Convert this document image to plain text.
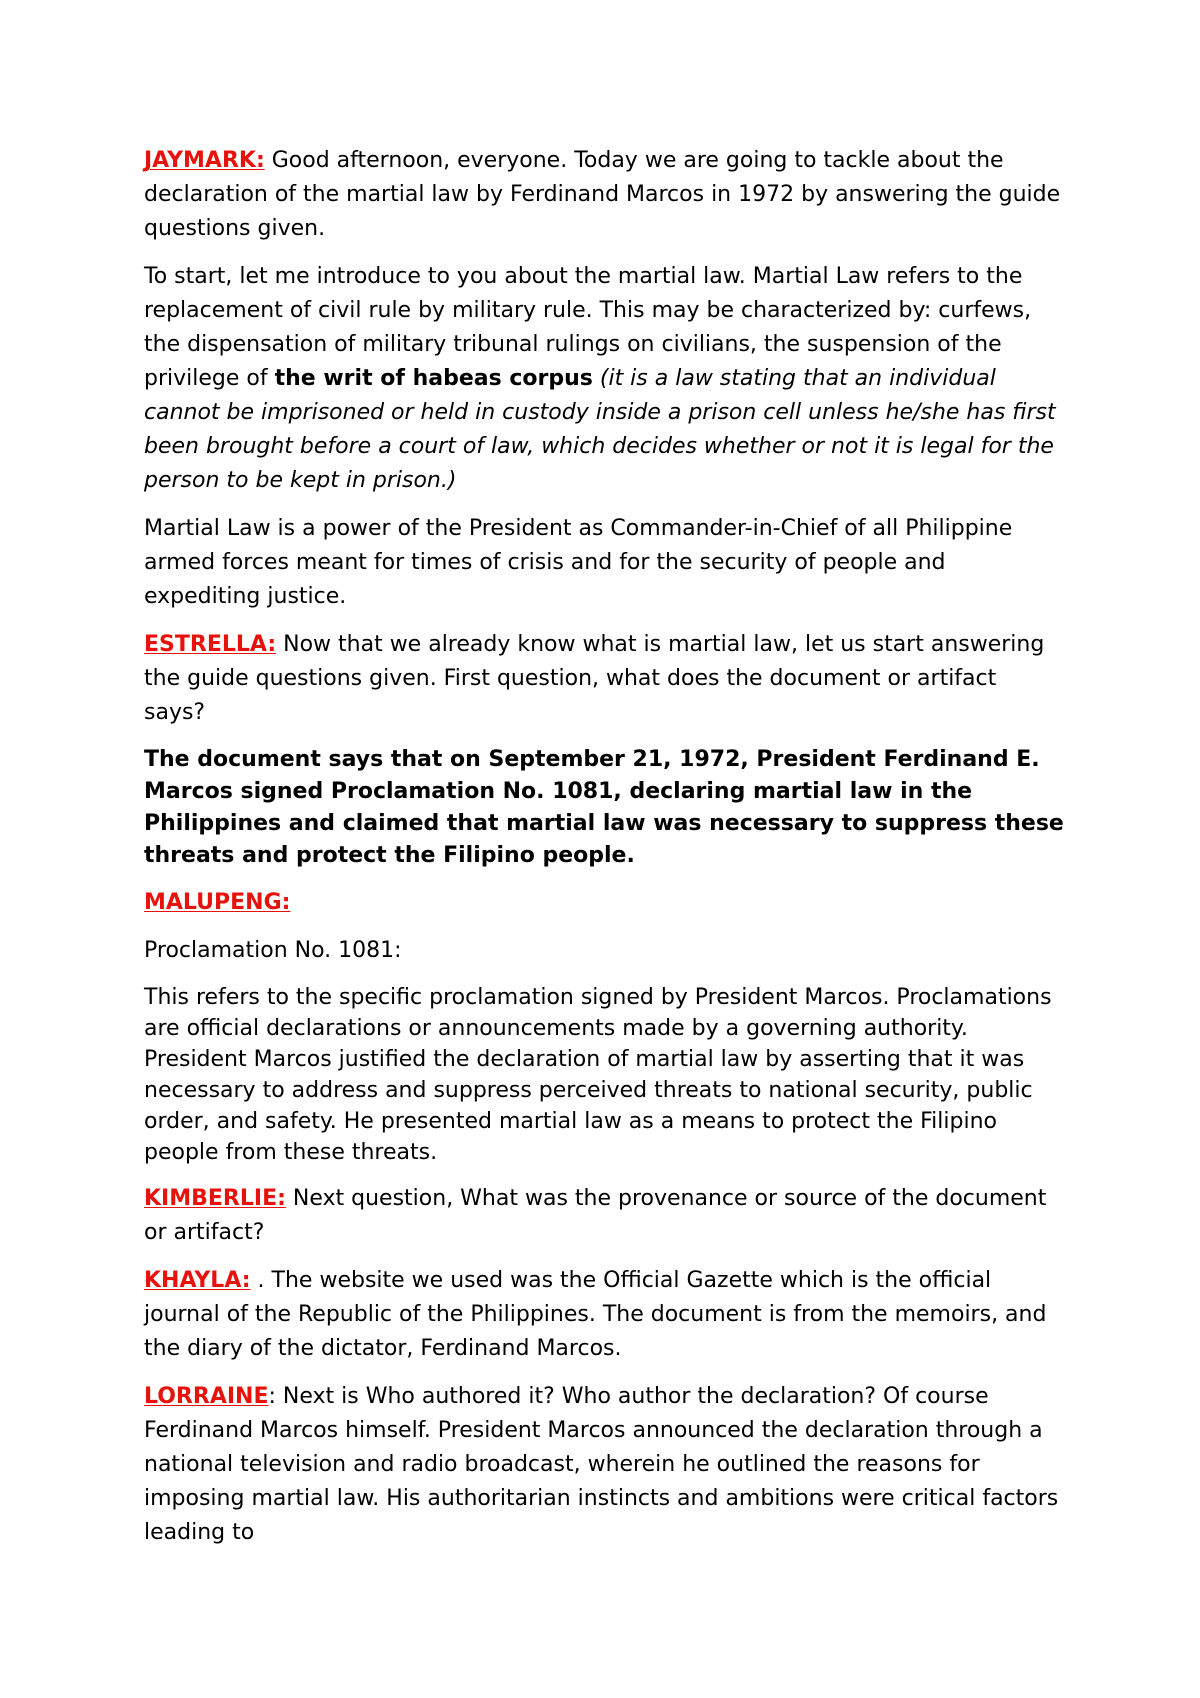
JAYMARK: Good afternoon, everyone. Today we are going to tackle about the declaration of the martial law by Ferdinand Marcos in 1972 by answering the guide questions given.

To start, let me introduce to you about the martial law. Martial Law refers to the replacement of civil rule by military rule. This may be characterized by: curfews, the dispensation of military tribunal rulings on civilians, the suspension of the privilege of the writ of habeas corpus (it is a law stating that an individual cannot be imprisoned or held in custody inside a prison cell unless he/she has first been brought before a court of law, which decides whether or not it is legal for the person to be kept in prison.)

Martial Law is a power of the President as Commander-in-Chief of all Philippine armed forces meant for times of crisis and for the security of people and expediting justice.

ESTRELLA: Now that we already know what is martial law, let us start answering the guide questions given. First question, what does the document or artifact says?

The document says that on September 21, 1972, President Ferdinand E. Marcos signed Proclamation No. 1081, declaring martial law in the Philippines and claimed that martial law was necessary to suppress these threats and protect the Filipino people.

MALUPENG:

Proclamation No. 1081:

This refers to the specific proclamation signed by President Marcos. Proclamations are official declarations or announcements made by a governing authority. President Marcos justified the declaration of martial law by asserting that it was necessary to address and suppress perceived threats to national security, public order, and safety. He presented martial law as a means to protect the Filipino people from these threats.

KIMBERLIE: Next question, What was the provenance or source of the document or artifact?

KHAYLA: . The website we used was the Official Gazette which is the official journal of the Republic of the Philippines. The document is from the memoirs, and the diary of the dictator, Ferdinand Marcos.

LORRAINE: Next is Who authored it? Who author the declaration? Of course Ferdinand Marcos himself. President Marcos announced the declaration through a national television and radio broadcast, wherein he outlined the reasons for imposing martial law. His authoritarian instincts and ambitions were critical factors leading to
